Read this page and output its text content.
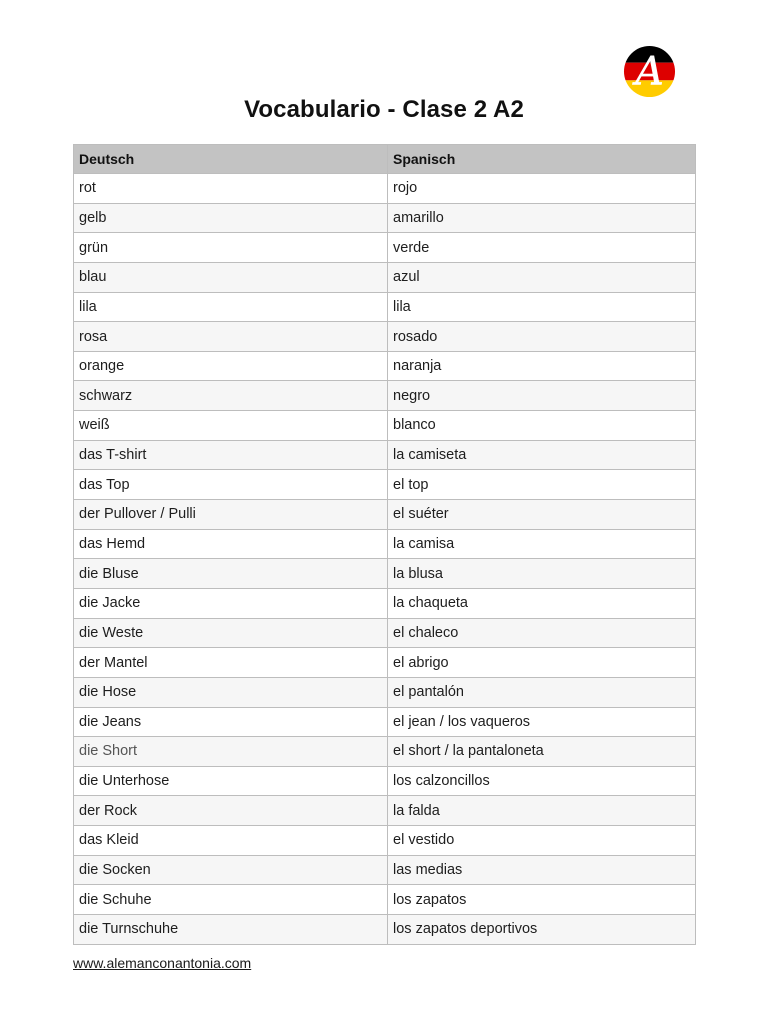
A
Vocabulario - Clase 2 A2
Deutsch	Spanisch
rot	rojo
gelb	amarillo
grün	verde
blau	azul
lila	lila
rosa	rosado
orange	naranja
schwarz	negro
weiß	blanco
das T-shirt	la camiseta
das Top	el top
der Pullover / Pulli	el suéter
das Hemd	la camisa
die Bluse	la blusa
die Jacke	la chaqueta
die Weste	el chaleco
der Mantel	el abrigo
die Hose	el pantalón
die Jeans	el jean / los vaqueros
die Short	el short / la pantaloneta
die Unterhose	los calzoncillos
der Rock	la falda
das Kleid	el vestido
die Socken	las medias
die Schuhe	los zapatos
die Turnschuhe	los zapatos deportivos
www.alemanconantonia.com
